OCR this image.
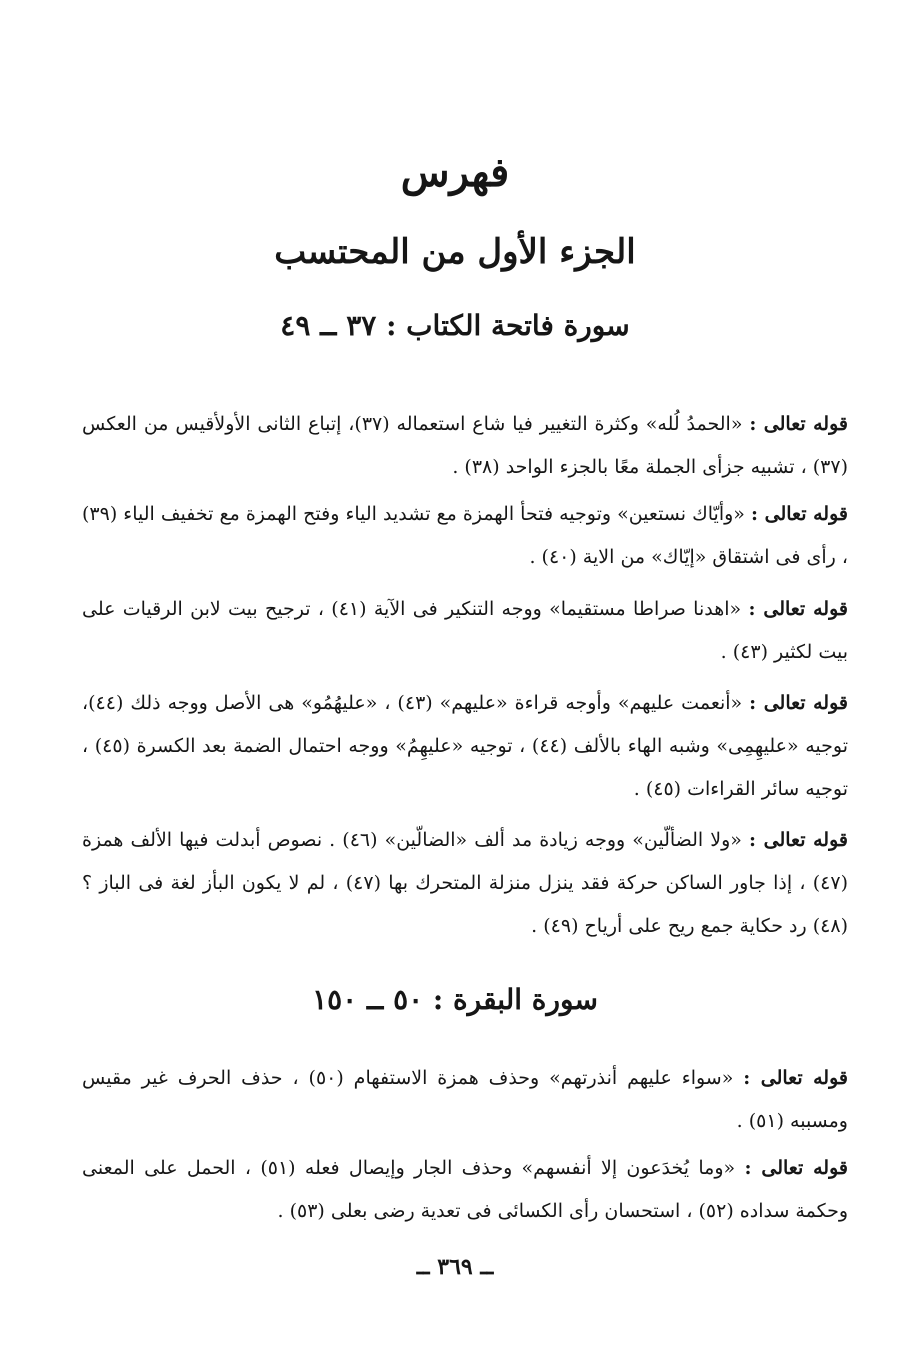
فهرس
الجزء الأول من المحتسب
سورة فاتحة الكتاب : ٣٧ ــ ٤٩
قوله تعالى : «الحمدُ لُله» وكثرة التغيير فيا شاع استعماله (٣٧)، إتباع الثانى الأولأقيس من العكس (٣٧) ، تشبيه جزأى الجملة معًا بالجزء الواحد (٣٨) .
قوله تعالى : «وأيّاك نستعين» وتوجيه فتحأ الهمزة مع تشديد الياء وفتح الهمزة مع تخفيف الياء (٣٩) ، رأى فى اشتقاق «إيّاك» من الاية (٤٠) .
قوله تعالى : «اهدنا صراطا مستقيما» ووجه التنكير فى الآية (٤١) ، ترجيح بيت لابن الرقيات على بيت لكثير (٤٣) .
قوله تعالى : «أنعمت عليهم» وأوجه قراءة «عليهم» (٤٣) ، «عليهُمُو» هى الأصل ووجه ذلك (٤٤)، توجيه «عليهِمِى» وشبه الهاء بالألف (٤٤) ، توجيه «عليهِمُ» ووجه احتمال الضمة بعد الكسرة (٤٥) ، توجيه سائر القراءات (٤٥) .
قوله تعالى : «ولا الضألّين» ووجه زيادة مد ألف «الضالّين» (٤٦) . نصوص أبدلت فيها الألف همزة (٤٧) ، إذا جاور الساكن حركة فقد ينزل منزلة المتحرك بها (٤٧) ، لم لا يكون البأز لغة فى الباز ؟ (٤٨) رد حكاية جمع ريح على أرياح (٤٩) .
سورة البقرة : ٥٠ ــ ١٥٠
قوله تعالى : «سواء عليهم أنذرتهم» وحذف همزة الاستفهام (٥٠) ، حذف الحرف غير مقيس ومسببه (٥١) .
قوله تعالى : «وما يُخدَعون إلا أنفسهم» وحذف الجار وإيصال فعله (٥١) ، الحمل على المعنى وحكمة سداده (٥٢) ، استحسان رأى الكسائى فى تعدية رضى بعلى (٥٣) .
ــ ٣٦٩ ــ
